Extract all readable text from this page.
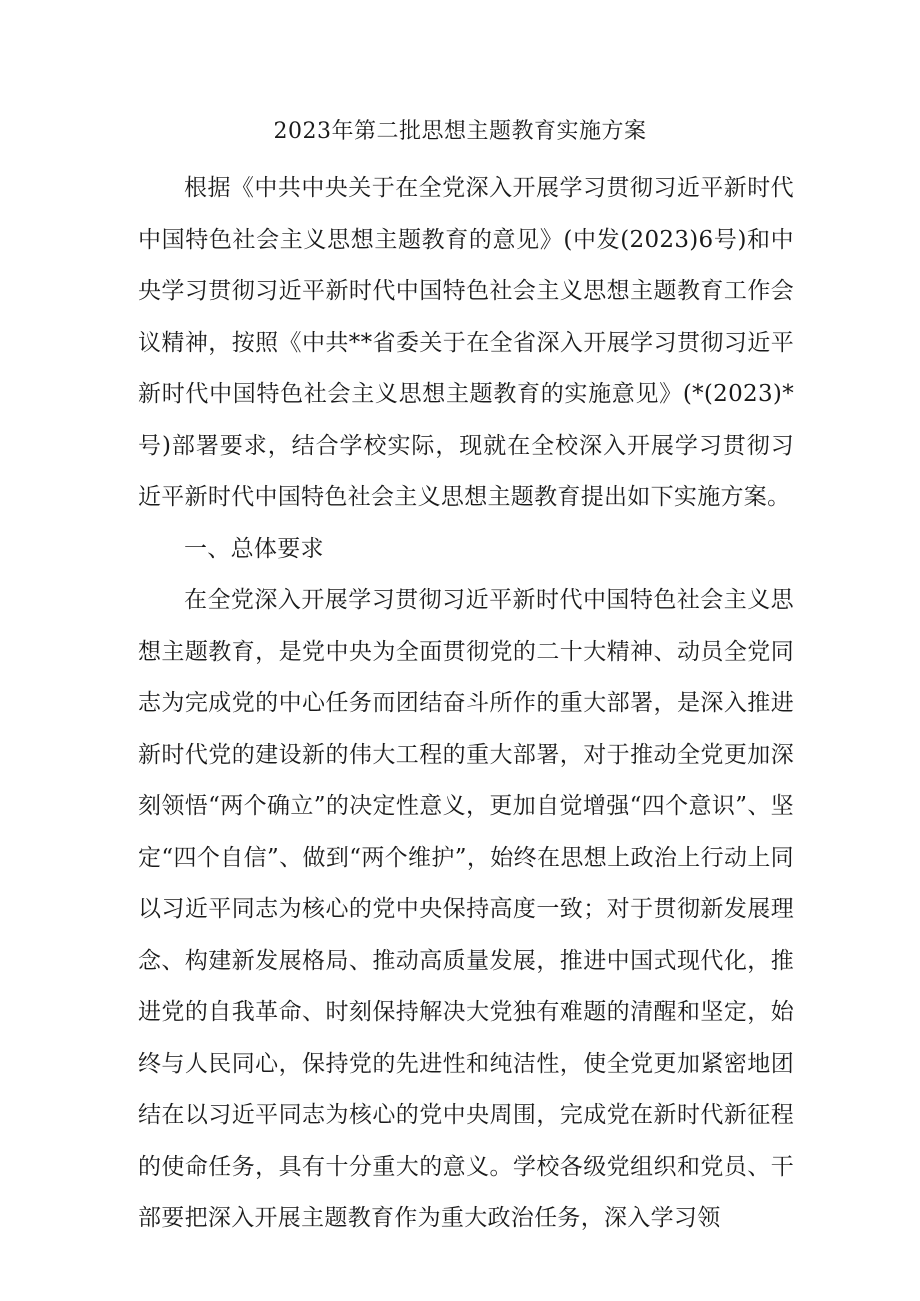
2023年第二批思想主题教育实施方案

根据《中共中央关于在全党深入开展学习贯彻习近平新时代中国特色社会主义思想主题教育的意见》(中发(2023)6号)和中央学习贯彻习近平新时代中国特色社会主义思想主题教育工作会议精神，按照《中共**省委关于在全省深入开展学习贯彻习近平新时代中国特色社会主义思想主题教育的实施意见》(*(2023)*号)部署要求，结合学校实际，现就在全校深入开展学习贯彻习近平新时代中国特色社会主义思想主题教育提出如下实施方案。

一、总体要求

在全党深入开展学习贯彻习近平新时代中国特色社会主义思想主题教育，是党中央为全面贯彻党的二十大精神、动员全党同志为完成党的中心任务而团结奋斗所作的重大部署，是深入推进新时代党的建设新的伟大工程的重大部署，对于推动全党更加深刻领悟“两个确立”的决定性意义，更加自觉增强“四个意识”、坚定“四个自信”、做到“两个维护”，始终在思想上政治上行动上同以习近平同志为核心的党中央保持高度一致；对于贯彻新发展理念、构建新发展格局、推动高质量发展，推进中国式现代化，推进党的自我革命、时刻保持解决大党独有难题的清醒和坚定，始终与人民同心，保持党的先进性和纯洁性，使全党更加紧密地团结在以习近平同志为核心的党中央周围，完成党在新时代新征程的使命任务，具有十分重大的意义。学校各级党组织和党员、干部要把深入开展主题教育作为重大政治任务，深入学习领
